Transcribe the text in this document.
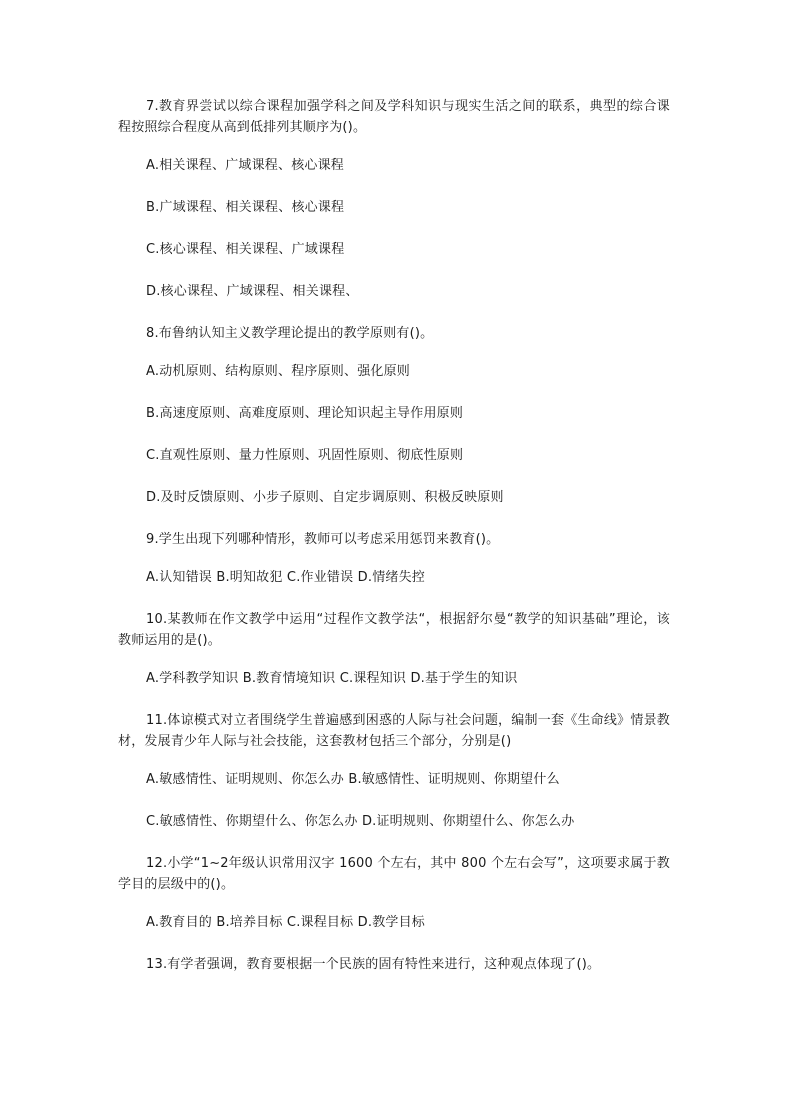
7.教育界尝试以综合课程加强学科之间及学科知识与现实生活之间的联系，典型的综合课程按照综合程度从高到低排列其顺序为()。

A.相关课程、广域课程、核心课程

B.广域课程、相关课程、核心课程

C.核心课程、相关课程、广域课程

D.核心课程、广域课程、相关课程、

8.布鲁纳认知主义教学理论提出的教学原则有()。

A.动机原则、结构原则、程序原则、强化原则

B.高速度原则、高难度原则、理论知识起主导作用原则

C.直观性原则、量力性原则、巩固性原则、彻底性原则

D.及时反馈原则、小步子原则、自定步调原则、积极反映原则

9.学生出现下列哪种情形，教师可以考虑采用惩罚来教育()。

A.认知错误 B.明知故犯 C.作业错误 D.情绪失控

10.某教师在作文教学中运用“过程作文教学法“，根据舒尔曼“教学的知识基础”理论，该教师运用的是()。

A.学科教学知识 B.教育情境知识 C.课程知识 D.基于学生的知识

11.体谅模式对立者围绕学生普遍感到困惑的人际与社会问题，编制一套《生命线》情景教材，发展青少年人际与社会技能，这套教材包括三个部分，分别是()

A.敏感情性、证明规则、你怎么办 B.敏感情性、证明规则、你期望什么

C.敏感情性、你期望什么、你怎么办 D.证明规则、你期望什么、你怎么办

12.小学“1~2年级认识常用汉字 1600 个左右，其中 800 个左右会写”，这项要求属于教学目的层级中的()。

A.教育目的 B.培养目标 C.课程目标 D.教学目标

13.有学者强调，教育要根据一个民族的固有特性来进行，这种观点体现了()。
